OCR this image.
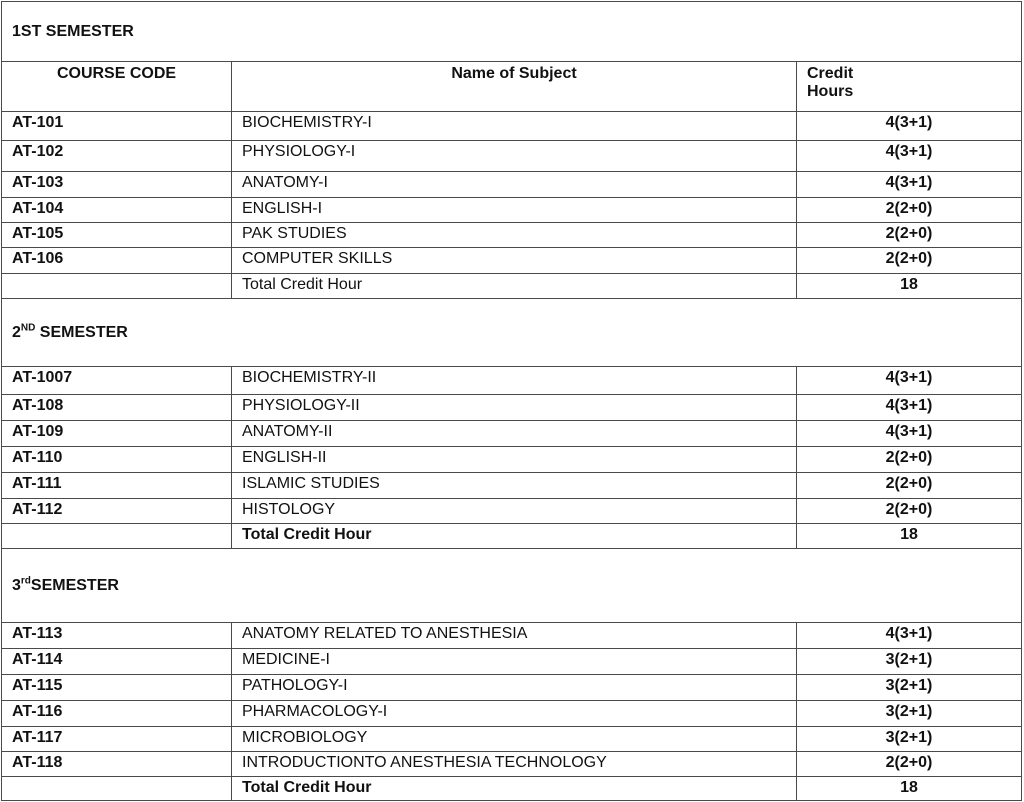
1ST SEMESTER		
COURSE CODE	Name of Subject	Credit
Hours
AT-101	BIOCHEMISTRY-I	4(3+1)
AT-102	PHYSIOLOGY-I	4(3+1)
AT-103	ANATOMY-I	4(3+1)
AT-104	ENGLISH-I	2(2+0)
AT-105	PAK STUDIES	2(2+0)
AT-106	COMPUTER SKILLS	2(2+0)
	Total Credit Hour	18
2ND SEMESTER		
AT-1007	BIOCHEMISTRY-II	4(3+1)
AT-108	PHYSIOLOGY-II	4(3+1)
AT-109	ANATOMY-II	4(3+1)
AT-110	ENGLISH-II	2(2+0)
AT-111	ISLAMIC STUDIES	2(2+0)
AT-112	HISTOLOGY	2(2+0)
	Total Credit Hour	18
3rdSEMESTER		
AT-113	ANATOMY RELATED TO ANESTHESIA	4(3+1)
AT-114	MEDICINE-I	3(2+1)
AT-115	PATHOLOGY-I	3(2+1)
AT-116	PHARMACOLOGY-I	3(2+1)
AT-117	MICROBIOLOGY	3(2+1)
AT-118	INTRODUCTIONTO ANESTHESIA TECHNOLOGY	2(2+0)
	Total Credit Hour	18
